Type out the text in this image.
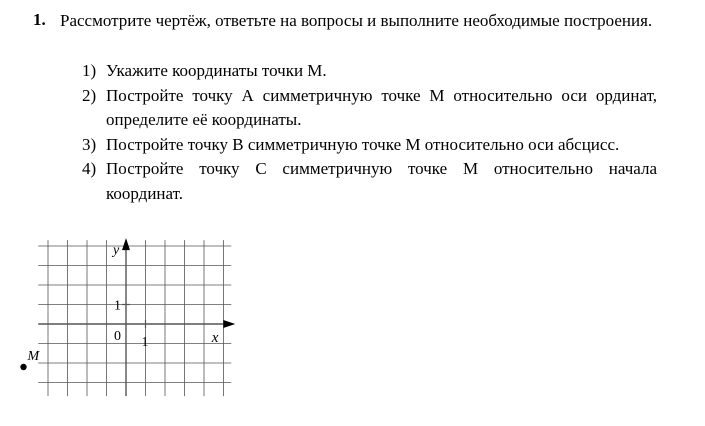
1. Рассмотрите чертёж, ответьте на вопросы и выполните необходимые построения.
1) Укажите координаты точки М.
2) Постройте точку А симметричную точке М относительно оси ординат, определите её координаты.
3) Постройте точку В симметричную точке М относительно оси абсцисс.
4) Постройте точку С симметричную точке М относительно начала координат.
y
x
0 1
1
M
